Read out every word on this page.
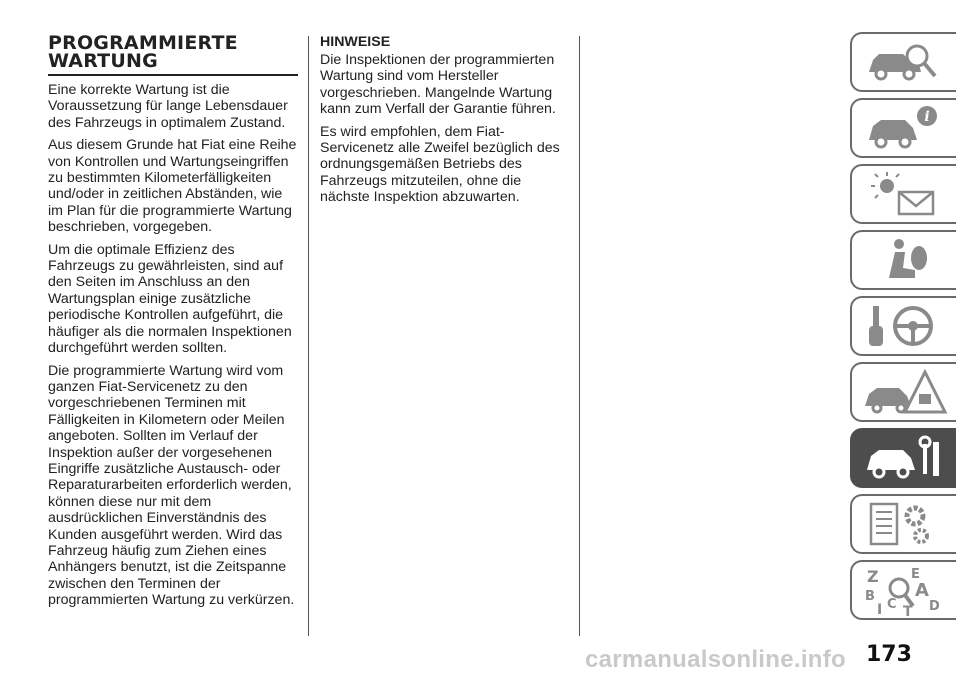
PROGRAMMIERTE WARTUNG

Eine korrekte Wartung ist die Voraussetzung für lange Lebensdauer des Fahrzeugs in optimalem Zustand.

Aus diesem Grunde hat Fiat eine Reihe von Kontrollen und Wartungseingriffen zu bestimmten Kilometerfälligkeiten und/oder in zeitlichen Abständen, wie im Plan für die programmierte Wartung beschrieben, vorgegeben.

Um die optimale Effizienz des Fahrzeugs zu gewährleisten, sind auf den Seiten im Anschluss an den Wartungsplan einige zusätzliche periodische Kontrollen aufgeführt, die häufiger als die normalen Inspektionen durchgeführt werden sollten.

Die programmierte Wartung wird vom ganzen Fiat-Servicenetz zu den vorgeschriebenen Terminen mit Fälligkeiten in Kilometern oder Meilen angeboten. Sollten im Verlauf der Inspektion außer der vorgesehenen Eingriffe zusätzliche Austausch- oder Reparaturarbeiten erforderlich werden, können diese nur mit dem ausdrücklichen Einverständnis des Kunden ausgeführt werden. Wird das Fahrzeug häufig zum Ziehen eines Anhängers benutzt, ist die Zeitspanne zwischen den Terminen der programmierten Wartung zu verkürzen.

HINWEISE

Die Inspektionen der programmierten Wartung sind vom Hersteller vorgeschrieben. Mangelnde Wartung kann zum Verfall der Garantie führen.

Es wird empfohlen, dem Fiat-Servicenetz alle Zweifel bezüglich des ordnungsgemäßen Betriebs des Fahrzeugs mitzuteilen, ohne die nächste Inspektion abzuwarten.

i
Z E
A
B
C D
I T
carmanualsonline.info 173
